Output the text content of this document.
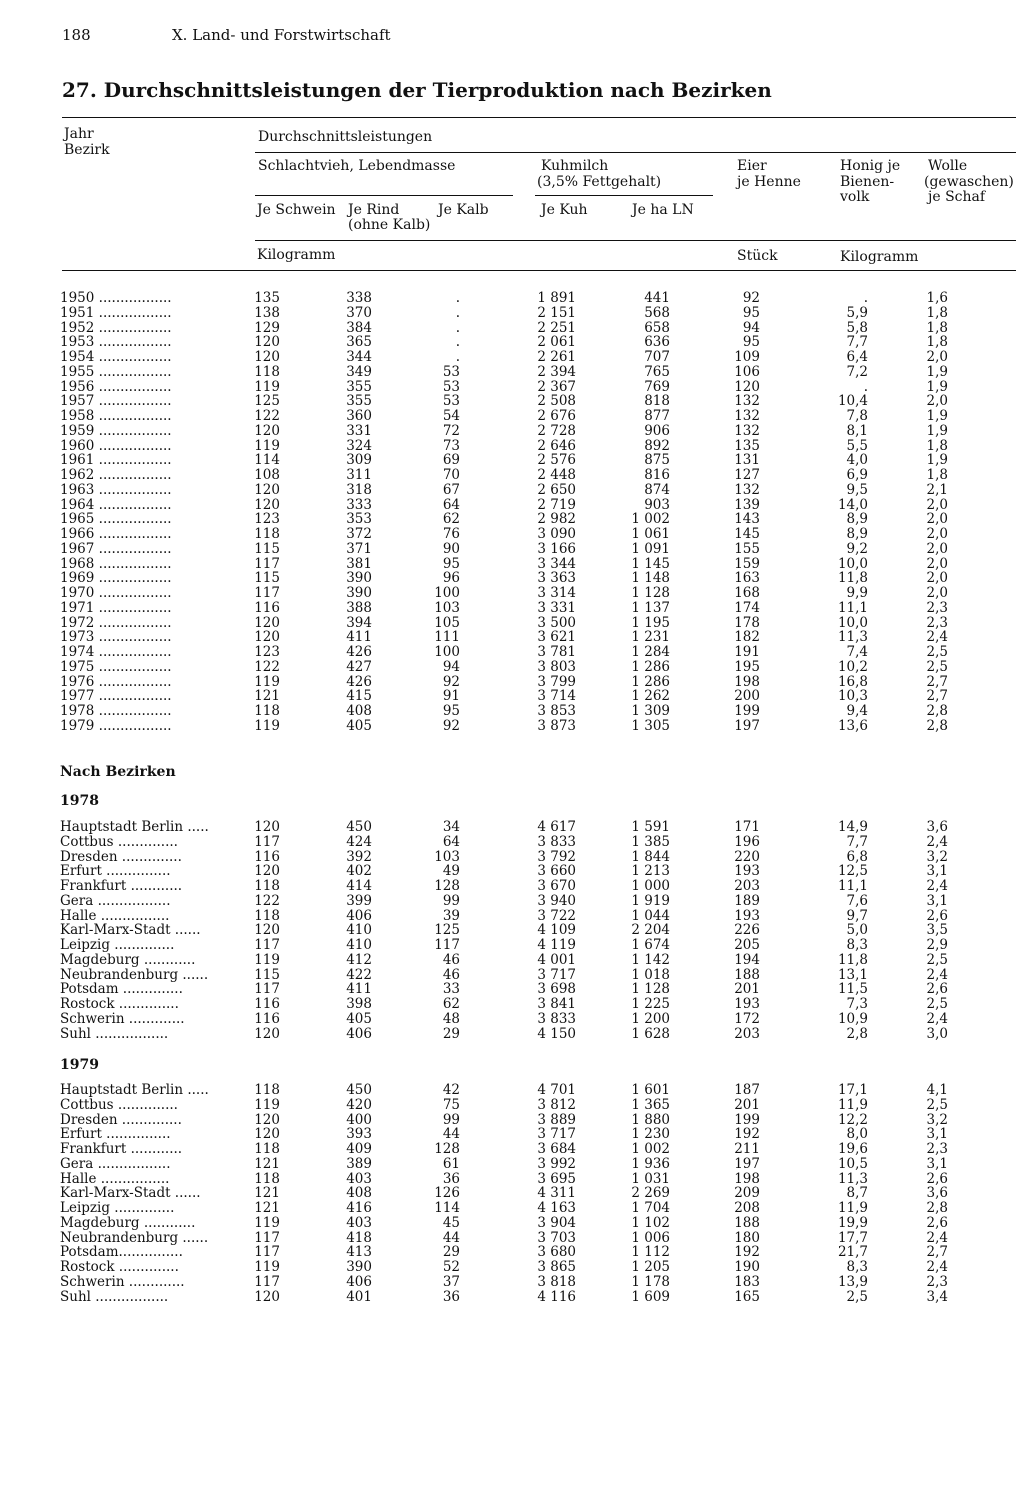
188	X. Land- und Forstwirtschaft
27. Durchschnittsleistungen der Tierproduktion nach Bezirken
Jahr
Bezirk
Durchschnittsleistungen
Schlachtvieh, Lebendmasse	Kuhmilch
(3,5% Fettgehalt)
Eier
je Henne
Honig je
Bienen-
volk
Wolle
(gewaschen)
je Schaf
Je Schwein Je Rind
(ohne Kalb)
Je Kalb	Je Kuh	Je ha LN
Kilogramm	Stück	Kilogramm
1950 .................	135	338	.	1 891	441	92	.	1,6
1951 .................	138	370	.	2 151	568	95	5,9	1,8
1952 .................	129	384	.	2 251	658	94	5,8	1,8
1953 .................	120	365	.	2 061	636	95	7,7	1,8
1954 .................	120	344	.	2 261	707	109	6,4	2,0
1955 .................	118	349	53	2 394	765	106	7,2	1,9
1956 .................	119	355	53	2 367	769	120	.	1,9
1957 .................	125	355	53	2 508	818	132	10,4	2,0
1958 .................	122	360	54	2 676	877	132	7,8	1,9
1959 .................	120	331	72	2 728	906	132	8,1	1,9
1960 .................	119	324	73	2 646	892	135	5,5	1,8
1961 .................	114	309	69	2 576	875	131	4,0	1,9
1962 .................	108	311	70	2 448	816	127	6,9	1,8
1963 .................	120	318	67	2 650	874	132	9,5	2,1
1964 .................	120	333	64	2 719	903	139	14,0	2,0
1965 .................	123	353	62	2 982	1 002	143	8,9	2,0
1966 .................	118	372	76	3 090	1 061	145	8,9	2,0
1967 .................	115	371	90	3 166	1 091	155	9,2	2,0
1968 .................	117	381	95	3 344	1 145	159	10,0	2,0
1969 .................	115	390	96	3 363	1 148	163	11,8	2,0
1970 .................	117	390	100	3 314	1 128	168	9,9	2,0
1971 .................	116	388	103	3 331	1 137	174	11,1	2,3
1972 .................	120	394	105	3 500	1 195	178	10,0	2,3
1973 .................	120	411	111	3 621	1 231	182	11,3	2,4
1974 .................	123	426	100	3 781	1 284	191	7,4	2,5
1975 .................	122	427	94	3 803	1 286	195	10,2	2,5
1976 .................	119	426	92	3 799	1 286	198	16,8	2,7
1977 .................	121	415	91	3 714	1 262	200	10,3	2,7
1978 .................	118	408	95	3 853	1 309	199	9,4	2,8
1979 .................	119	405	92	3 873	1 305	197	13,6	2,8
Nach Bezirken
1978
Hauptstadt Berlin .....	120	450	34	4 617	1 591	171	14,9	3,6
Cottbus ..............	117	424	64	3 833	1 385	196	7,7	2,4
Dresden ..............	116	392	103	3 792	1 844	220	6,8	3,2
Erfurt ...............	120	402	49	3 660	1 213	193	12,5	3,1
Frankfurt ............	118	414	128	3 670	1 000	203	11,1	2,4
Gera .................	122	399	99	3 940	1 919	189	7,6	3,1
Halle ................	118	406	39	3 722	1 044	193	9,7	2,6
Karl-Marx-Stadt ......	120	410	125	4 109	2 204	226	5,0	3,5
Leipzig ..............	117	410	117	4 119	1 674	205	8,3	2,9
Magdeburg ............	119	412	46	4 001	1 142	194	11,8	2,5
Neubrandenburg ......	115	422	46	3 717	1 018	188	13,1	2,4
Potsdam ..............	117	411	33	3 698	1 128	201	11,5	2,6
Rostock ..............	116	398	62	3 841	1 225	193	7,3	2,5
Schwerin .............	116	405	48	3 833	1 200	172	10,9	2,4
Suhl .................	120	406	29	4 150	1 628	203	2,8	3,0
1979
Hauptstadt Berlin .....	118	450	42	4 701	1 601	187	17,1	4,1
Cottbus ..............	119	420	75	3 812	1 365	201	11,9	2,5
Dresden ..............	120	400	99	3 889	1 880	199	12,2	3,2
Erfurt ...............	120	393	44	3 717	1 230	192	8,0	3,1
Frankfurt ............	118	409	128	3 684	1 002	211	19,6	2,3
Gera .................	121	389	61	3 992	1 936	197	10,5	3,1
Halle ................	118	403	36	3 695	1 031	198	11,3	2,6
Karl-Marx-Stadt ......	121	408	126	4 311	2 269	209	8,7	3,6
Leipzig ..............	121	416	114	4 163	1 704	208	11,9	2,8
Magdeburg ............	119	403	45	3 904	1 102	188	19,9	2,6
Neubrandenburg ......	117	418	44	3 703	1 006	180	17,7	2,4
Potsdam...............	117	413	29	3 680	1 112	192	21,7	2,7
Rostock ..............	119	390	52	3 865	1 205	190	8,3	2,4
Schwerin .............	117	406	37	3 818	1 178	183	13,9	2,3
Suhl .................	120	401	36	4 116	1 609	165	2,5	3,4
